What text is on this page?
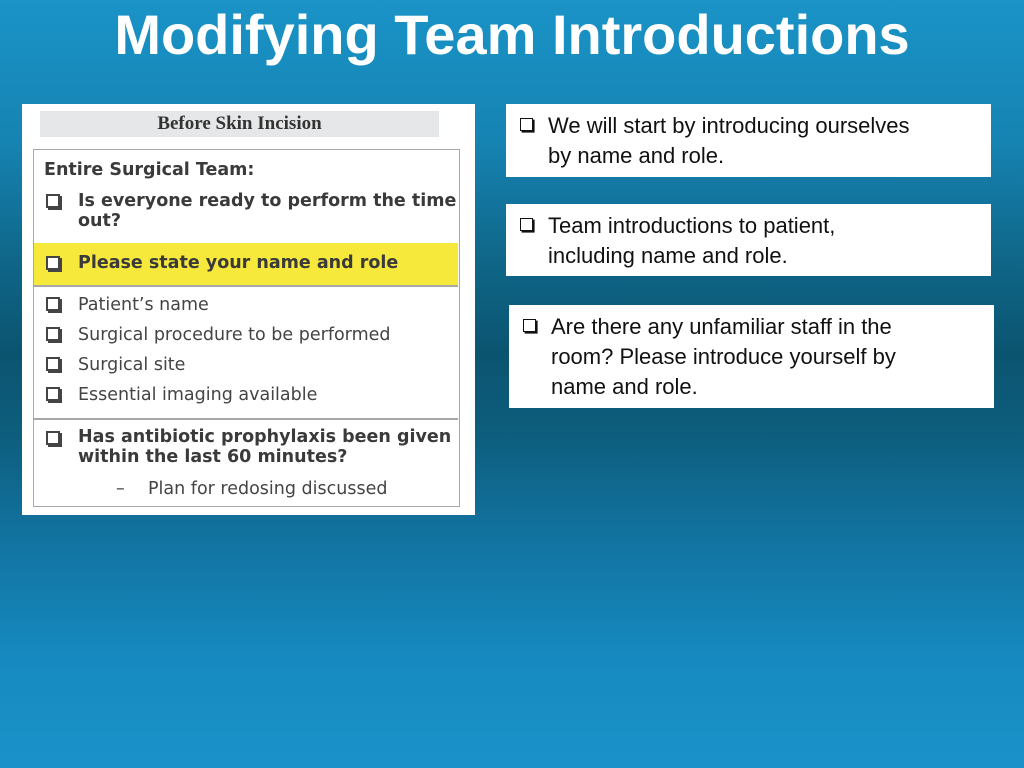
Modifying Team Introductions
Before Skin Incision
Entire Surgical Team:
Is everyone ready to perform the time
out?
Please state your name and role
Patient’s name
Surgical procedure to be performed
Surgical site
Essential imaging available
Has antibiotic prophylaxis been given
within the last 60 minutes?
– Plan for redosing discussed
We will start by introducing ourselves
by name and role.
Team introductions to patient,
including name and role.
Are there any unfamiliar staff in the
room? Please introduce yourself by
name and role.
